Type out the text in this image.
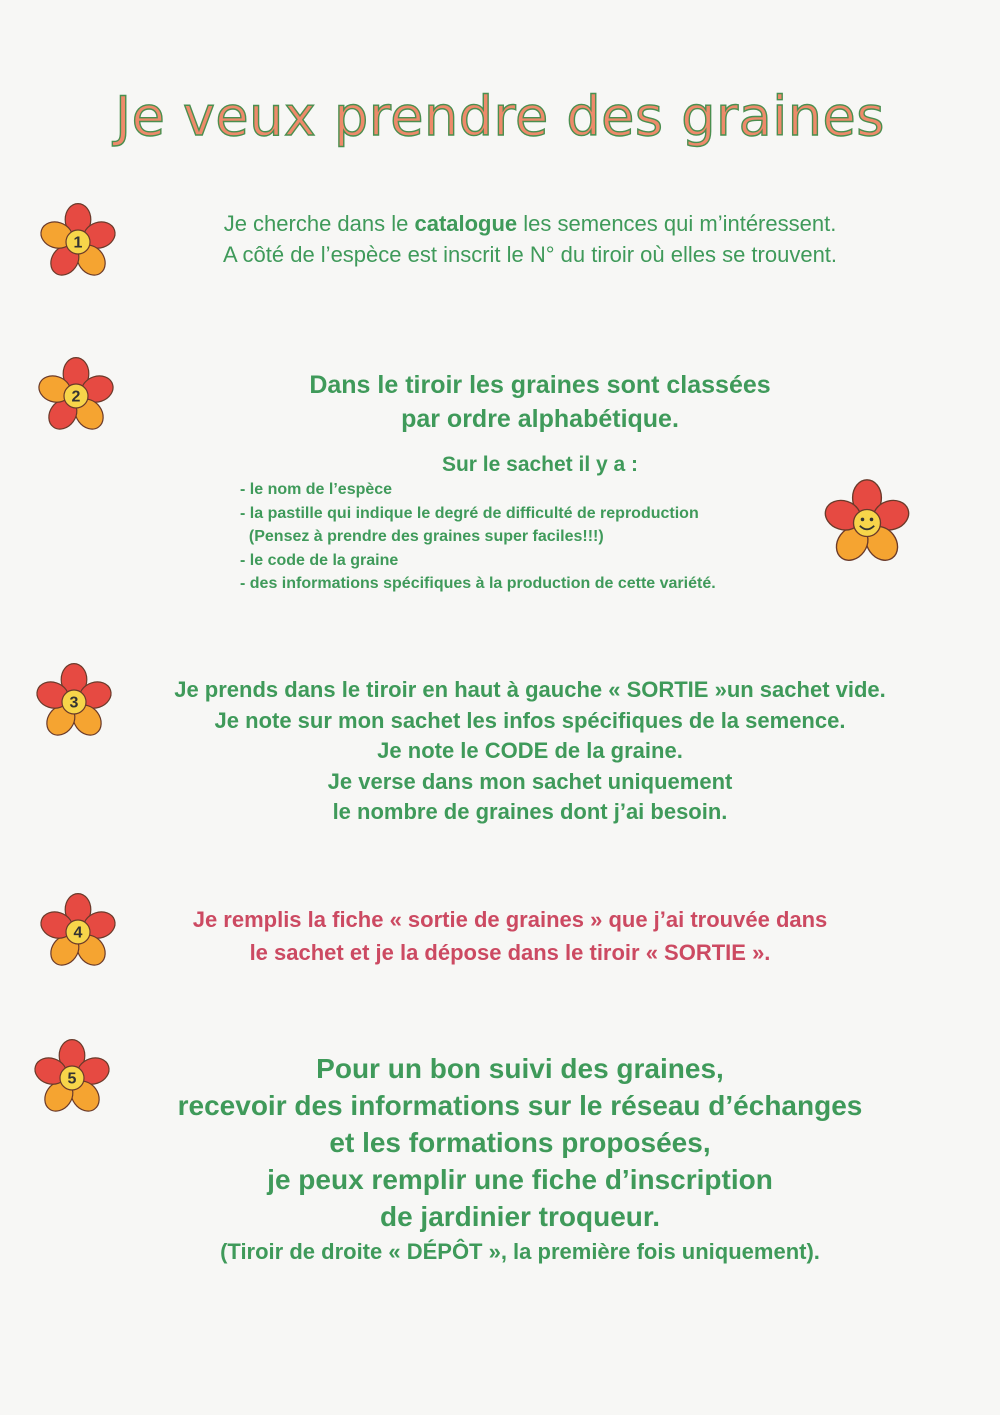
Je veux prendre des graines
1
Je cherche dans le catalogue les semences qui m’intéressent.
A côté de l’espèce est inscrit le N° du tiroir où elles se trouvent.
2	Dans le tiroir les graines sont classées
par ordre alphabétique.
Sur le sachet il y a :
- le nom de l’espèce
- la pastille qui indique le degré de difficulté de reproduction
(Pensez à prendre des graines super faciles!!!)
- le code de la graine
- des informations spécifiques à la production de cette variété.
3
Je prends dans le tiroir en haut à gauche « SORTIE »un sachet vide.
Je note sur mon sachet les infos spécifiques de la semence.
Je note le CODE de la graine.
Je verse dans mon sachet uniquement
le nombre de graines dont j’ai besoin.
4
Je remplis la fiche « sortie de graines » que j’ai trouvée dans
le sachet et je la dépose dans le tiroir « SORTIE ».
5	Pour un bon suivi des graines,
recevoir des informations sur le réseau d’échanges
et les formations proposées,
je peux remplir une fiche d’inscription
de jardinier troqueur.
(Tiroir de droite « DÉPÔT », la première fois uniquement).
